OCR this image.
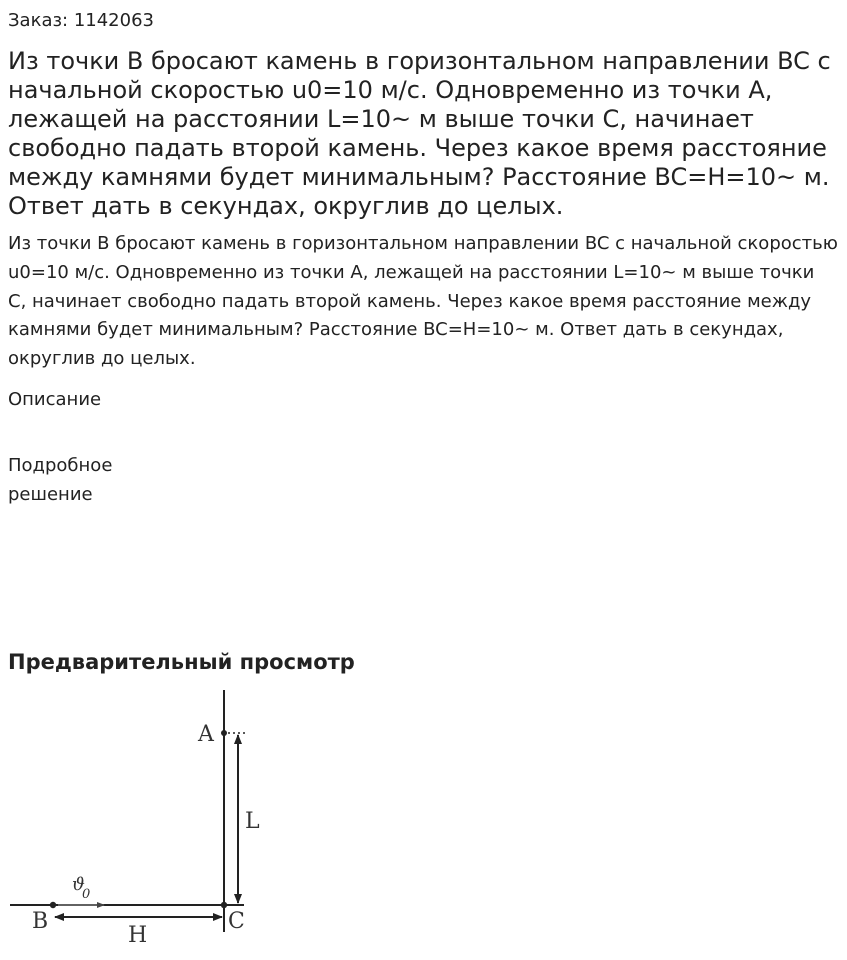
Заказ: 1142063
Из точки B бросают камень в горизонтальном направлении BC с начальной скоростью u0=10 м/с. Одновременно из точки A, лежащей на расстоянии L=10~ м выше точки C, начинает свободно падать второй камень. Через какое время расстояние между камнями будет минимальным? Расстояние BC=H=10~ м. Ответ дать в секундах, округлив до целых.

Из точки B бросают камень в горизонтальном направлении BC с начальной скоростью u0=10 м/с. Одновременно из точки A, лежащей на расстоянии L=10~ м выше точки C, начинает свободно падать второй камень. Через какое время расстояние между камнями будет минимальным? Расстояние BC=H=10~ м. Ответ дать в секундах, округлив до целых.

Описание
Подробное решение
Предварительный просмотр
A
L
B	C
H
ϑ
0
